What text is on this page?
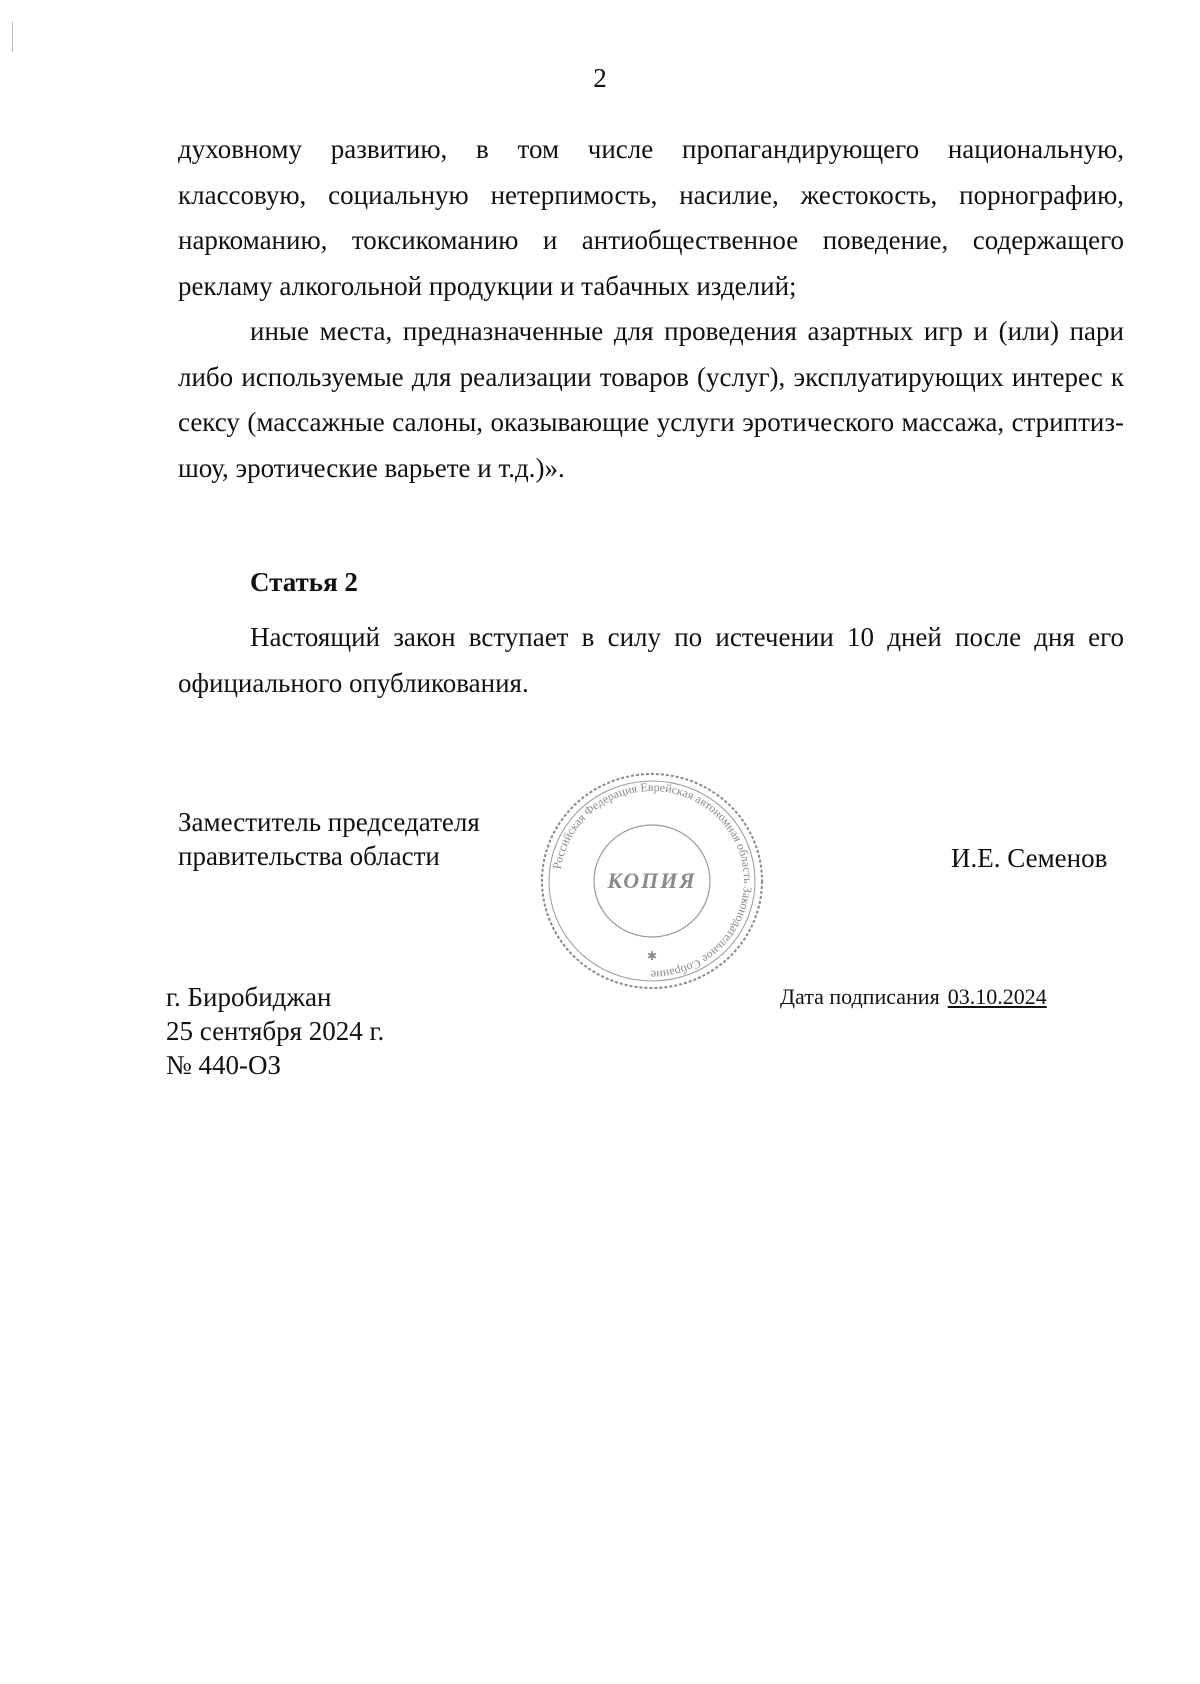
2

духовному развитию, в том числе пропагандирующего национальную, классовую, социальную нетерпимость, насилие, жестокость, порнографию, наркоманию, токсикоманию и антиобщественное поведение, содержащего рекламу алкогольной продукции и табачных изделий;

иные места, предназначенные для проведения азартных игр и (или) пари либо используемые для реализации товаров (услуг), эксплуатирующих интерес к сексу (массажные салоны, оказывающие услуги эротического массажа, стриптиз-шоу, эротические варьете и т.д.)».

Статья 2

Настоящий закон вступает в силу по истечении 10 дней после дня его официального опубликования.

Заместитель председателя
правительства области	Российская Федерация Еврейская автономная область Законодательное Собрание
КОПИЯ
✱
И.Е. Семенов
г. Биробиджан
25 сентября 2024 г.
№ 440-ОЗ
Дата подписания 03.10.2024
